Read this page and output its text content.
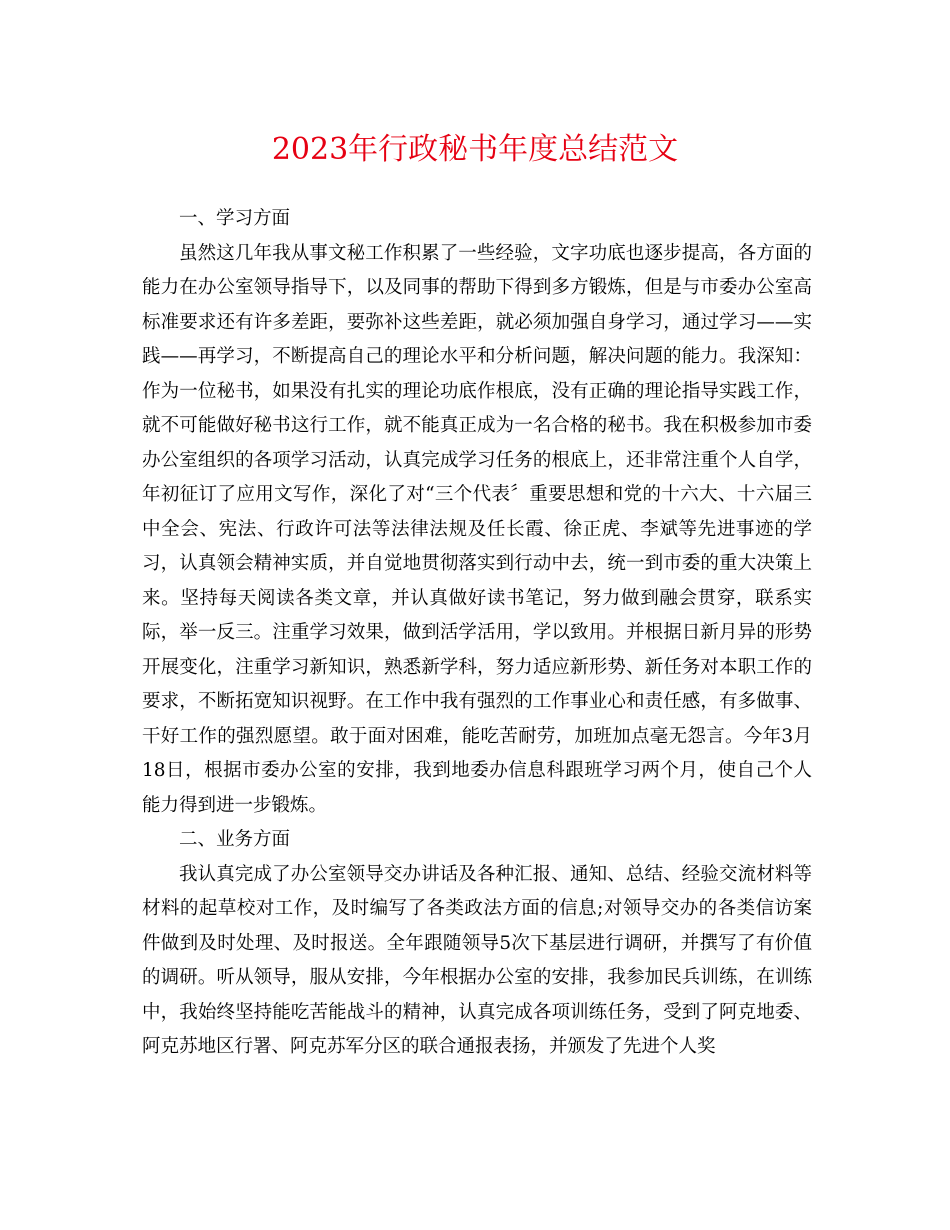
2023年行政秘书年度总结范文

一、学习方面

虽然这几年我从事文秘工作积累了一些经验，文字功底也逐步提高，各方面的能力在办公室领导指导下，以及同事的帮助下得到多方锻炼，但是与市委办公室高标准要求还有许多差距，要弥补这些差距，就必须加强自身学习，通过学习——实践——再学习，不断提高自己的理论水平和分析问题，解决问题的能力。我深知：作为一位秘书，如果没有扎实的理论功底作根底，没有正确的理论指导实践工作，就不可能做好秘书这行工作，就不能真正成为一名合格的秘书。我在积极参加市委办公室组织的各项学习活动，认真完成学习任务的根底上，还非常注重个人自学，年初征订了应用文写作，深化了对“三个代表〞重要思想和党的十六大、十六届三中全会、宪法、行政许可法等法律法规及任长霞、徐正虎、李斌等先进事迹的学习，认真领会精神实质，并自觉地贯彻落实到行动中去，统一到市委的重大决策上来。坚持每天阅读各类文章，并认真做好读书笔记，努力做到融会贯穿，联系实际，举一反三。注重学习效果，做到活学活用，学以致用。并根据日新月异的形势开展变化，注重学习新知识，熟悉新学科，努力适应新形势、新任务对本职工作的要求，不断拓宽知识视野。在工作中我有强烈的工作事业心和责任感，有多做事、干好工作的强烈愿望。敢于面对困难，能吃苦耐劳，加班加点毫无怨言。今年3月18日，根据市委办公室的安排，我到地委办信息科跟班学习两个月，使自己个人能力得到进一步锻炼。

二、业务方面

我认真完成了办公室领导交办讲话及各种汇报、通知、总结、经验交流材料等材料的起草校对工作，及时编写了各类政法方面的信息;对领导交办的各类信访案件做到及时处理、及时报送。全年跟随领导5次下基层进行调研，并撰写了有价值的调研。听从领导，服从安排，今年根据办公室的安排，我参加民兵训练，在训练中，我始终坚持能吃苦能战斗的精神，认真完成各项训练任务，受到了阿克地委、阿克苏地区行署、阿克苏军分区的联合通报表扬，并颁发了先进个人奖
